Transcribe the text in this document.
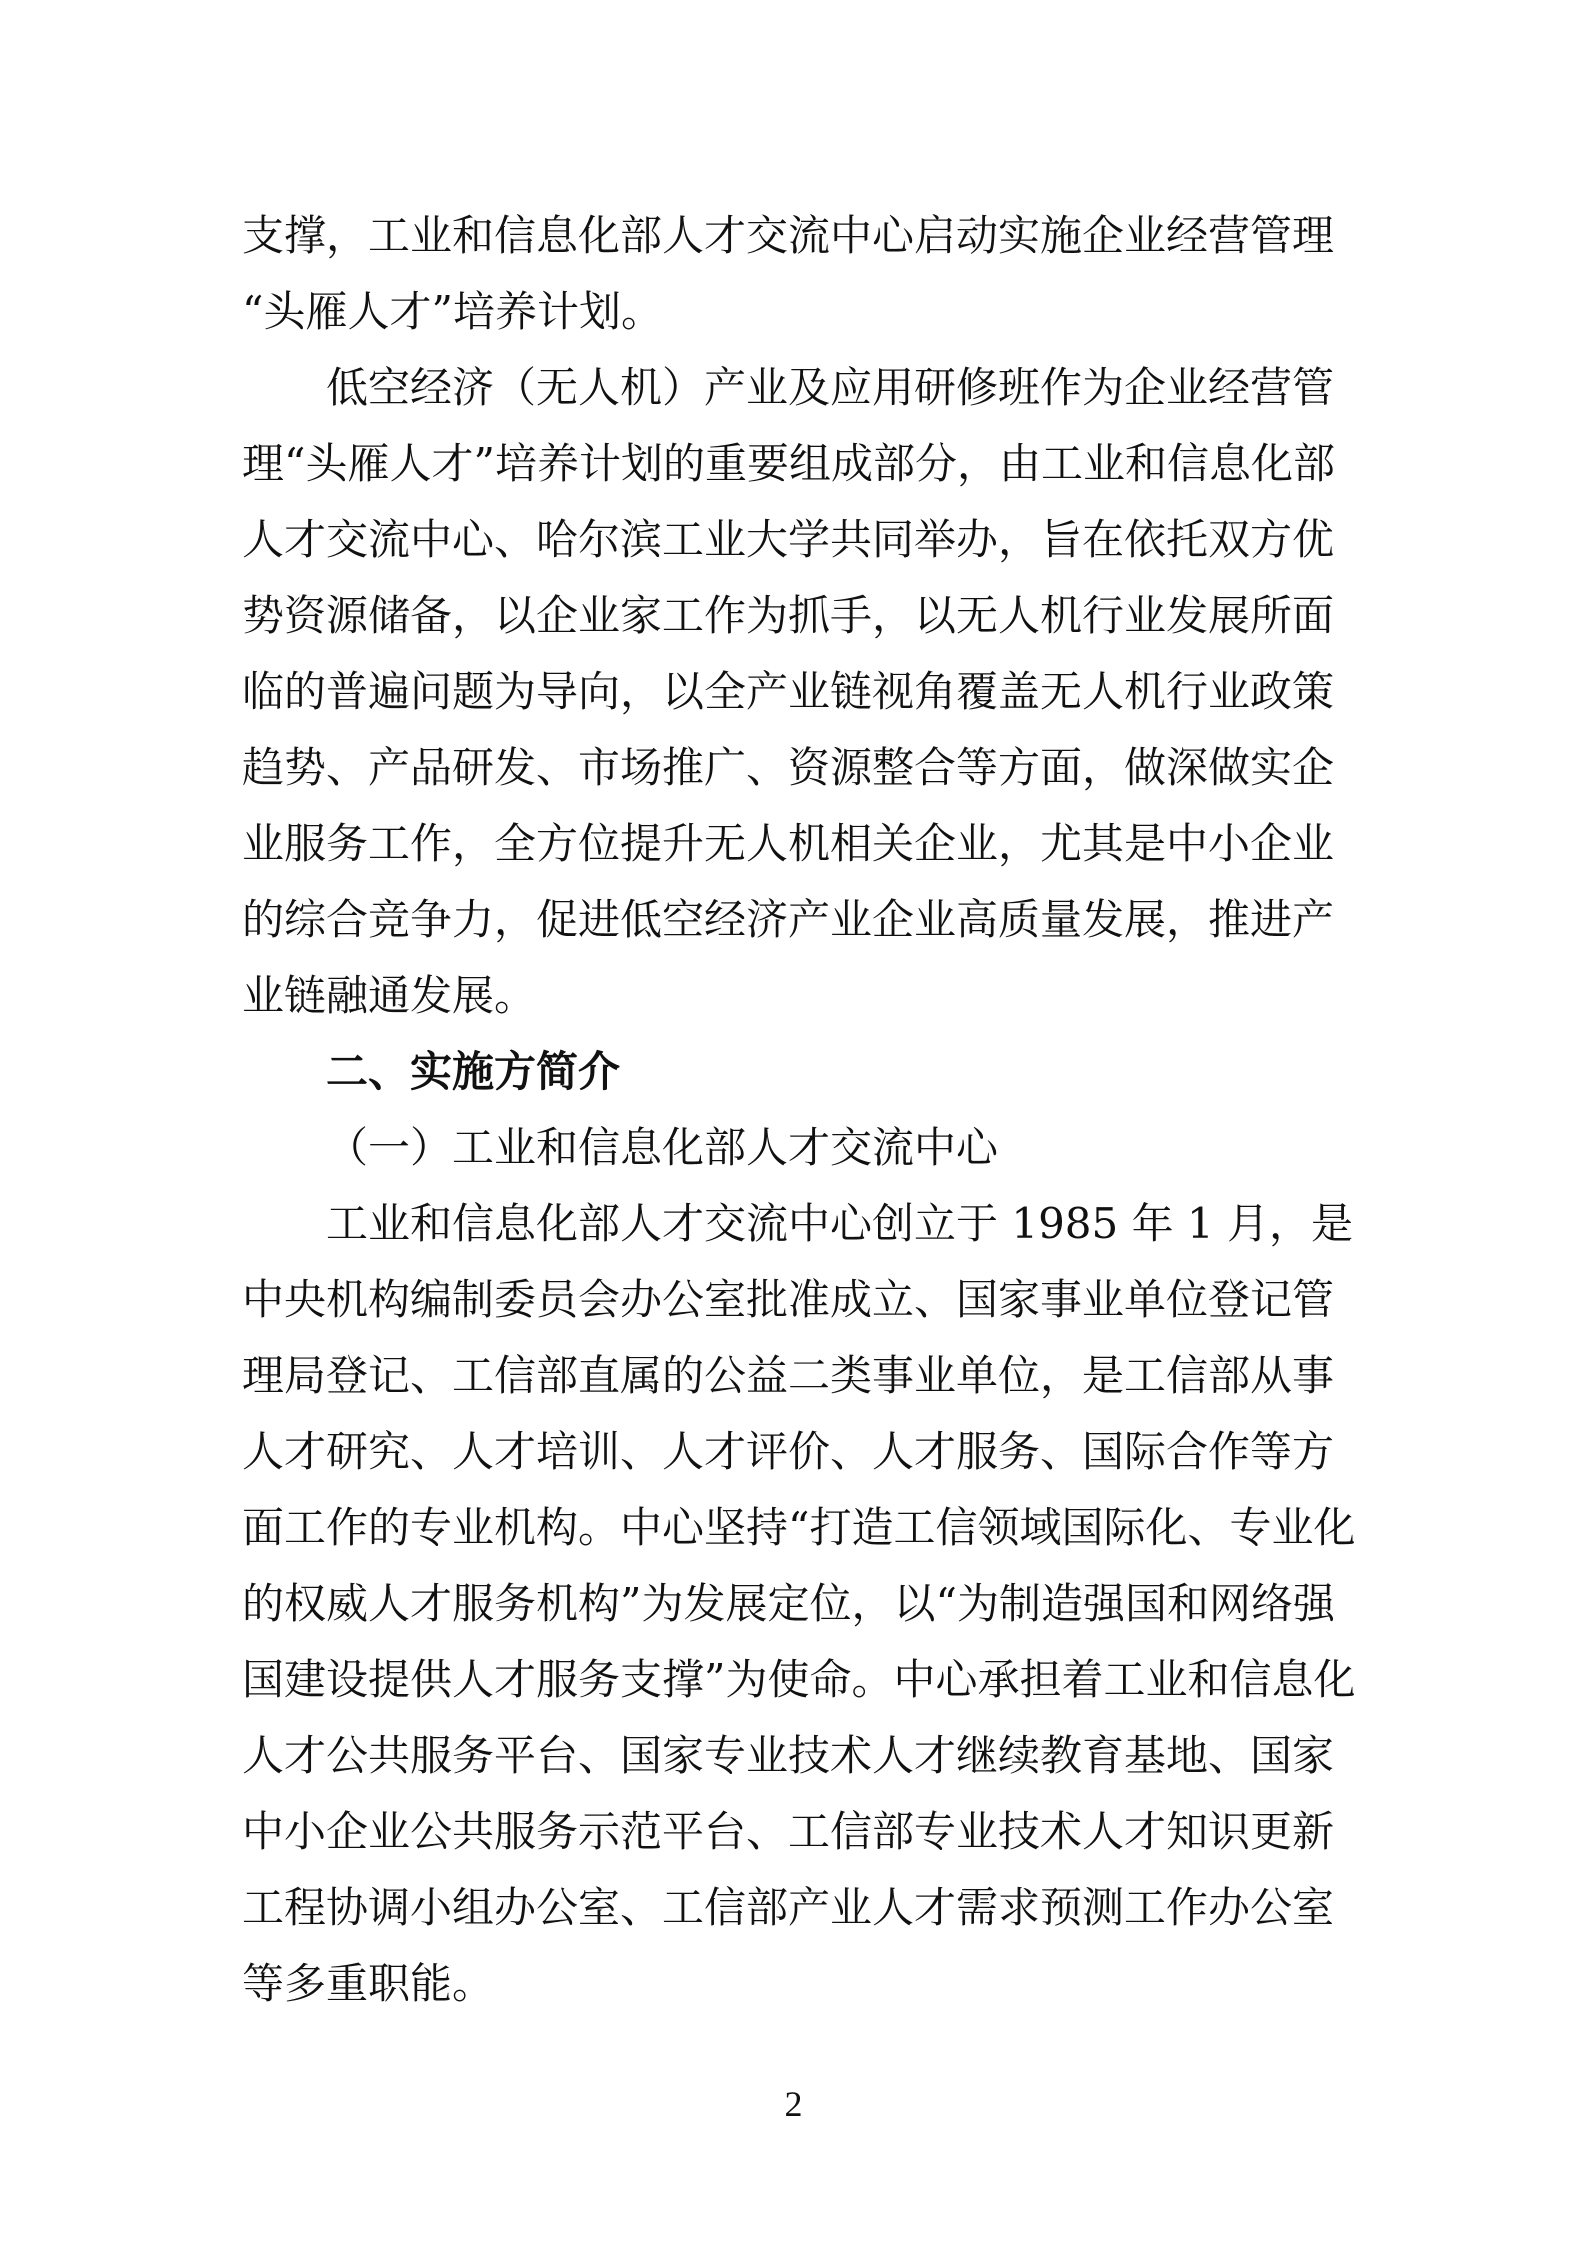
支撑，工业和信息化部人才交流中心启动实施企业经营管理
“头雁人才”培养计划。
低空经济（无人机）产业及应用研修班作为企业经营管
理“头雁人才”培养计划的重要组成部分，由工业和信息化部
人才交流中心、哈尔滨工业大学共同举办，旨在依托双方优
势资源储备，以企业家工作为抓手，以无人机行业发展所面
临的普遍问题为导向，以全产业链视角覆盖无人机行业政策
趋势、产品研发、市场推广、资源整合等方面，做深做实企
业服务工作，全方位提升无人机相关企业，尤其是中小企业
的综合竞争力，促进低空经济产业企业高质量发展，推进产
业链融通发展。
二、实施方简介
（一）工业和信息化部人才交流中心
工业和信息化部人才交流中心创立于 1985 年 1 月，是
中央机构编制委员会办公室批准成立、国家事业单位登记管
理局登记、工信部直属的公益二类事业单位，是工信部从事
人才研究、人才培训、人才评价、人才服务、国际合作等方
面工作的专业机构。中心坚持“打造工信领域国际化、专业化
的权威人才服务机构”为发展定位，以“为制造强国和网络强
国建设提供人才服务支撑”为使命。中心承担着工业和信息化
人才公共服务平台、国家专业技术人才继续教育基地、国家
中小企业公共服务示范平台、工信部专业技术人才知识更新
工程协调小组办公室、工信部产业人才需求预测工作办公室
等多重职能。
2
